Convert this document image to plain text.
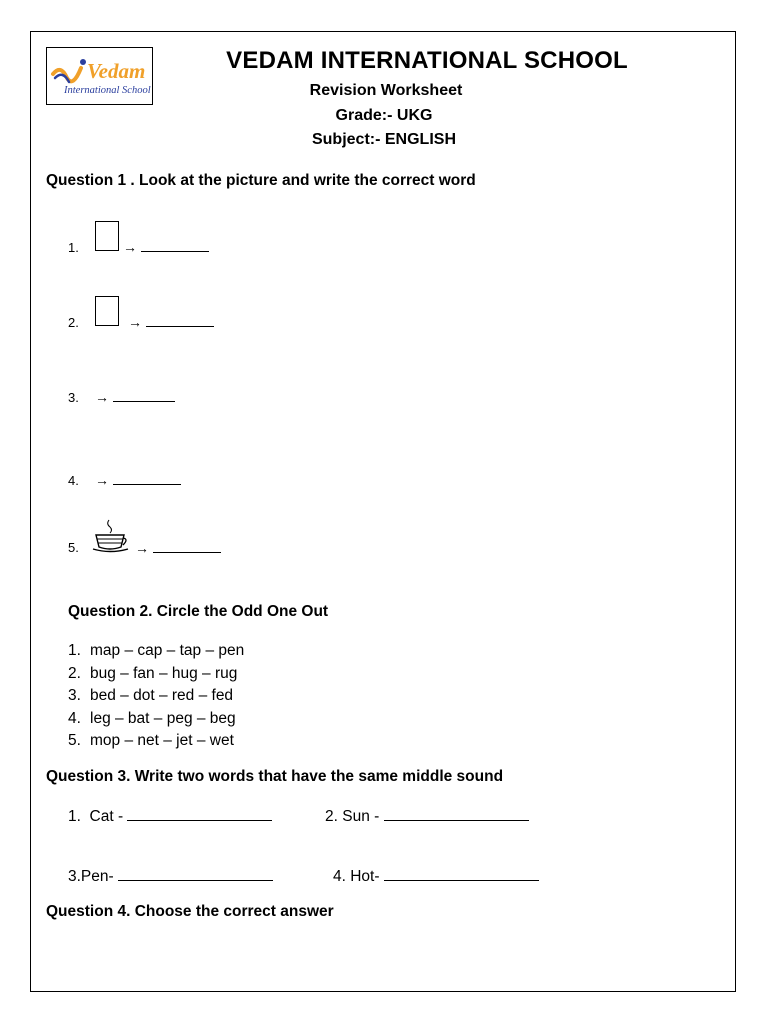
Vedam
International School
VEDAM INTERNATIONAL SCHOOL
Revision Worksheet
Grade:- UKG
Subject:- ENGLISH
Question 1 . Look at the picture and write the correct word
1.	→
2.	→
3. →
4. →
5.	→
Question 2. Circle the Odd One Out
1. map – cap – tap – pen
2. bug – fan – hug – rug
3. bed – dot – red – fed
4. leg – bat – peg – beg
5. mop – net – jet – wet
Question 3. Write two words that have the same middle sound
1.  Cat -	2. Sun -
3.Pen-	4. Hot-
Question 4. Choose the correct answer
